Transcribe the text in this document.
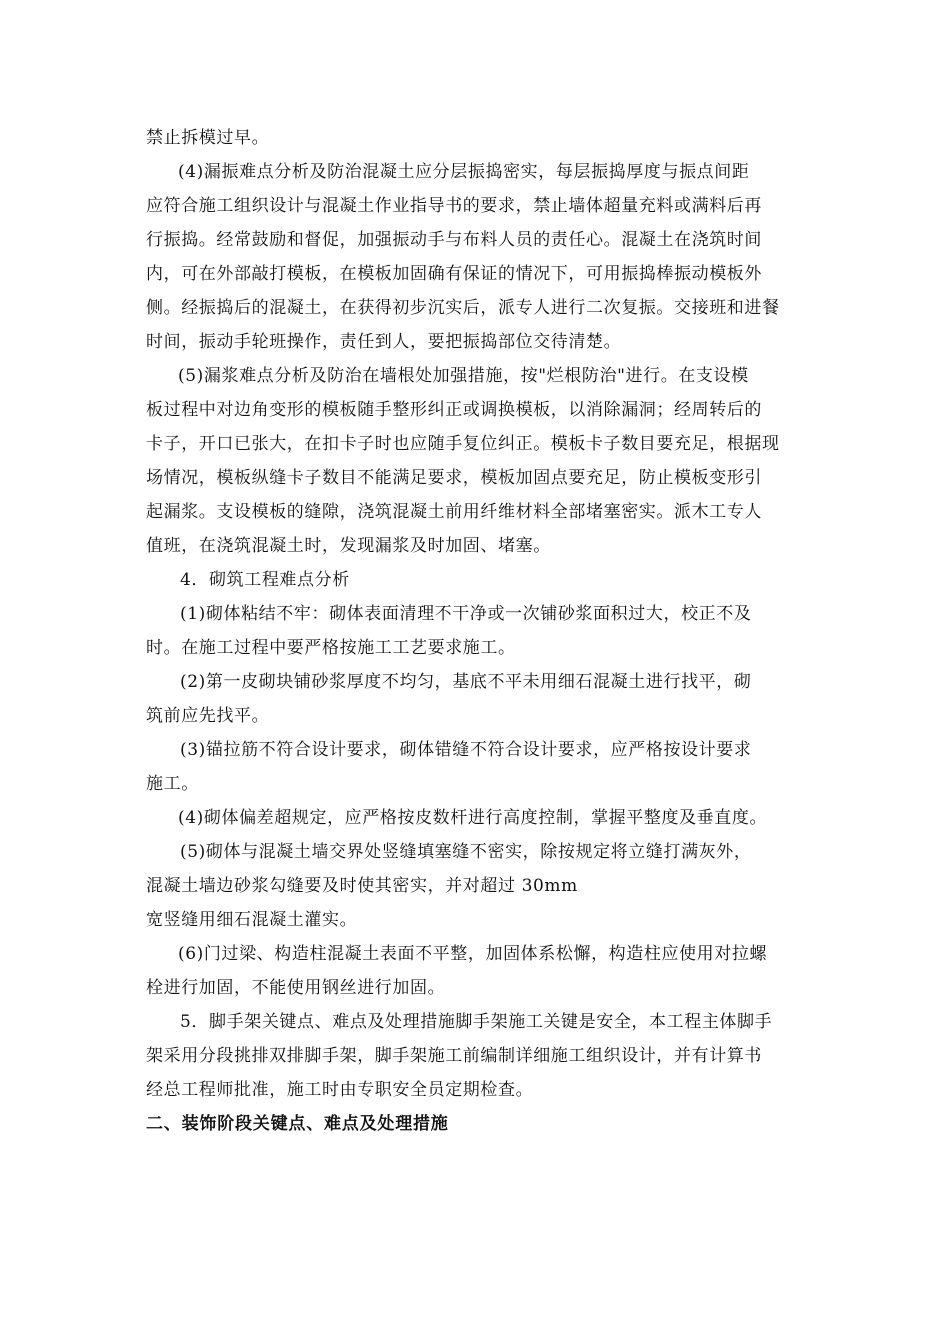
禁止拆模过早。
(4)漏振难点分析及防治混凝土应分层振捣密实，每层振捣厚度与振点间距
应符合施工组织设计与混凝土作业指导书的要求，禁止墙体超量充料或满料后再
行振捣。经常鼓励和督促，加强振动手与布料人员的责任心。混凝土在浇筑时间
内，可在外部敲打模板，在模板加固确有保证的情况下，可用振捣棒振动模板外
侧。经振捣后的混凝土，在获得初步沉实后，派专人进行二次复振。交接班和进餐
时间，振动手轮班操作，责任到人，要把振捣部位交待清楚。
(5)漏浆难点分析及防治在墙根处加强措施，按"烂根防治"进行。在支设模
板过程中对边角变形的模板随手整形纠正或调换模板，以消除漏洞；经周转后的
卡子，开口已张大，在扣卡子时也应随手复位纠正。模板卡子数目要充足，根据现
场情况，模板纵缝卡子数目不能满足要求，模板加固点要充足，防止模板变形引
起漏浆。支设模板的缝隙，浇筑混凝土前用纤维材料全部堵塞密实。派木工专人
值班，在浇筑混凝土时，发现漏浆及时加固、堵塞。
4．砌筑工程难点分析
(1)砌体粘结不牢：砌体表面清理不干净或一次铺砂浆面积过大，校正不及
时。在施工过程中要严格按施工工艺要求施工。
(2)第一皮砌块铺砂浆厚度不均匀，基底不平未用细石混凝土进行找平，砌
筑前应先找平。
(3)锚拉筋不符合设计要求，砌体错缝不符合设计要求，应严格按设计要求
施工。
(4)砌体偏差超规定，应严格按皮数杆进行高度控制，掌握平整度及垂直度。
(5)砌体与混凝土墙交界处竖缝填塞缝不密实，除按规定将立缝打满灰外，
混凝土墙边砂浆勾缝要及时使其密实，并对超过 30mm
宽竖缝用细石混凝土灌实。
(6)门过梁、构造柱混凝土表面不平整，加固体系松懈，构造柱应使用对拉螺
栓进行加固，不能使用钢丝进行加固。
5．脚手架关键点、难点及处理措施脚手架施工关键是安全，本工程主体脚手
架采用分段挑排双排脚手架，脚手架施工前编制详细施工组织设计，并有计算书
经总工程师批准，施工时由专职安全员定期检查。
二、装饰阶段关键点、难点及处理措施
